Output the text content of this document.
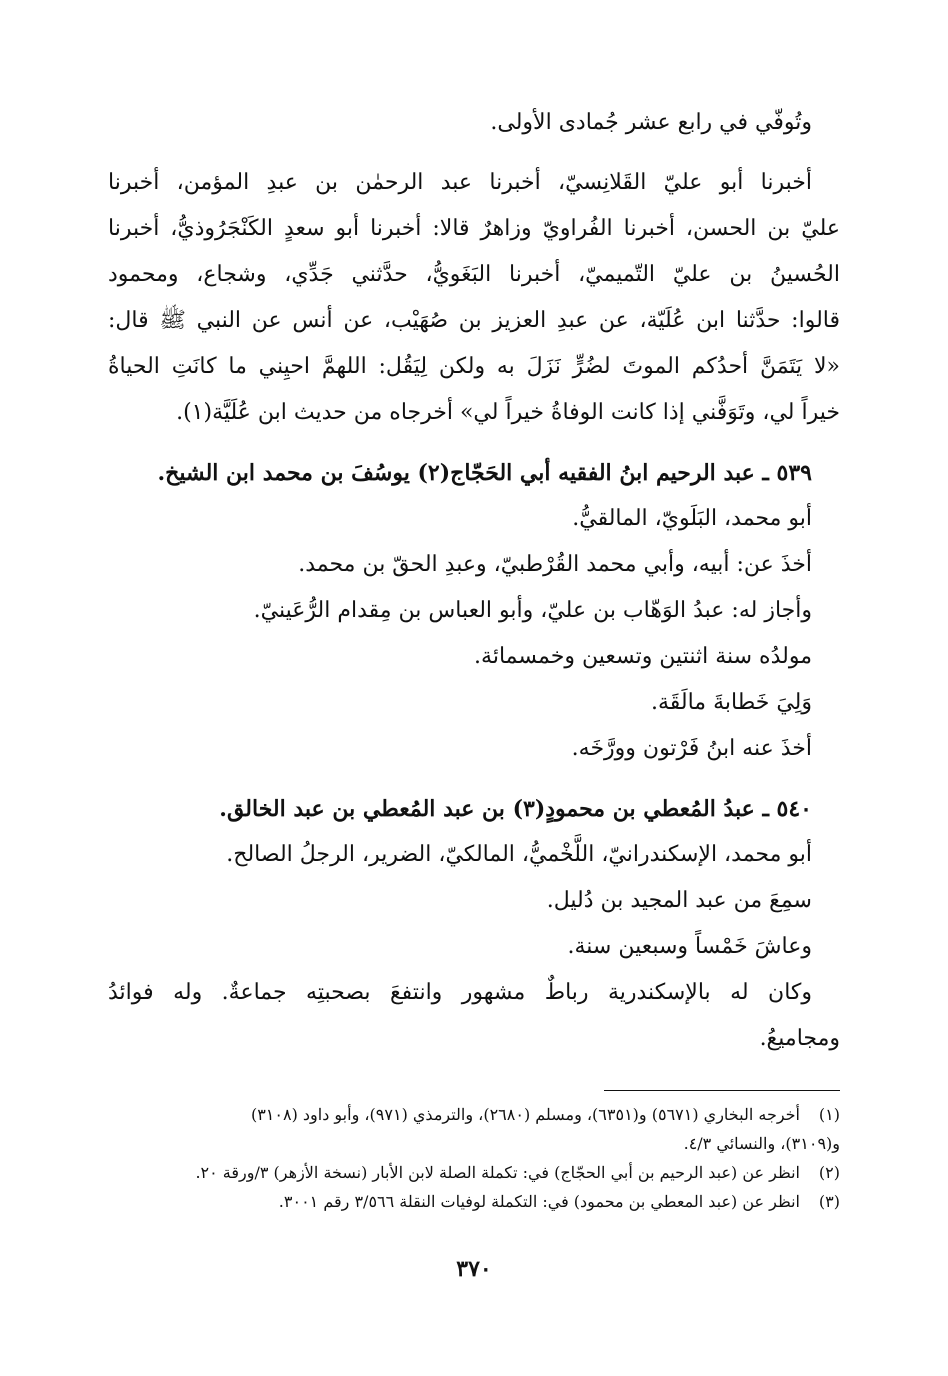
وتُوفّي في رابع عشر جُمادى الأولى.
أخبرنا أبو عليّ القَلانِسيّ، أخبرنا عبد الرحمٰن بن عبدِ المؤمن، أخبرنا
عليّ بن الحسن، أخبرنا الفُراويّ وزاهرٌ قالا: أخبرنا أبو سعدٍ الكَنْجَرُوذيُّ، أخبرنا
الحُسينُ بن عليّ التّميميّ، أخبرنا البَغَويُّ، حدَّثني جَدِّي، وشجاع، ومحمود
قالوا: حدَّثنا ابن عُلَيّة، عن عبدِ العزيز بن صُهَيْب، عن أنس عن النبي ﷺ قال:
«لا يَتَمَنَّ أحدُكم الموتَ لضُرٍّ نَزَلَ به ولكن لِيَقُل: اللهمَّ احيِني ما كانَتِ الحياةُ
خيراً لي، وتَوَفَّني إذا كانت الوفاةُ خيراً لي» أخرجاه من حديث ابن عُلَيَّة(١).
٥٣٩ ـ عبد الرحيم ابنُ الفقيه أبي الحَجّاج(٢) يوسُفَ بن محمد ابن الشيخ.
أبو محمد، البَلَويّ، المالقيُّ.
أخذَ عن: أبيه، وأبي محمد القُرْطبيّ، وعبدِ الحقّ بن محمد.
وأجاز له: عبدُ الوَهّاب بن عليّ، وأبو العباس بن مِقدام الرُّعَينيّ.
مولدُه سنة اثنتين وتسعين وخمسمائة.
وَلِيَ خَطابةَ مالَقَة.
أخذَ عنه ابنُ فَرْتون وورَّخَه.
٥٤٠ ـ عبدُ المُعطي بن محمودٍ(٣) بن عبد المُعطي بن عبد الخالق.
أبو محمد، الإسكندرانيّ، اللَّخْميُّ، المالكيّ، الضرير، الرجلُ الصالح.
سمِعَ من عبد المجيد بن دُليل.
وعاشَ خَمْساً وسبعين سنة.
وكان له بالإسكندرية رباطٌ مشهور وانتفعَ بصحبتِه جماعةٌ. وله فوائدُ
ومجاميعُ.
(١)أخرجه البخاري (٥٦٧١) و(٦٣٥١)، ومسلم (٢٦٨٠)، والترمذي (٩٧١)، وأبو داود (٣١٠٨)
و(٣١٠٩)، والنسائي ٤/٣.
(٢)انظر عن (عبد الرحيم بن أبي الحجّاج) في: تكملة الصلة لابن الأبار (نسخة الأزهر) ٣/ورقة ٢٠.
(٣)انظر عن (عبد المعطي بن محمود) في: التكملة لوفيات النقلة ٣/٥٦٦ رقم ٣٠٠١.
٣٧٠
